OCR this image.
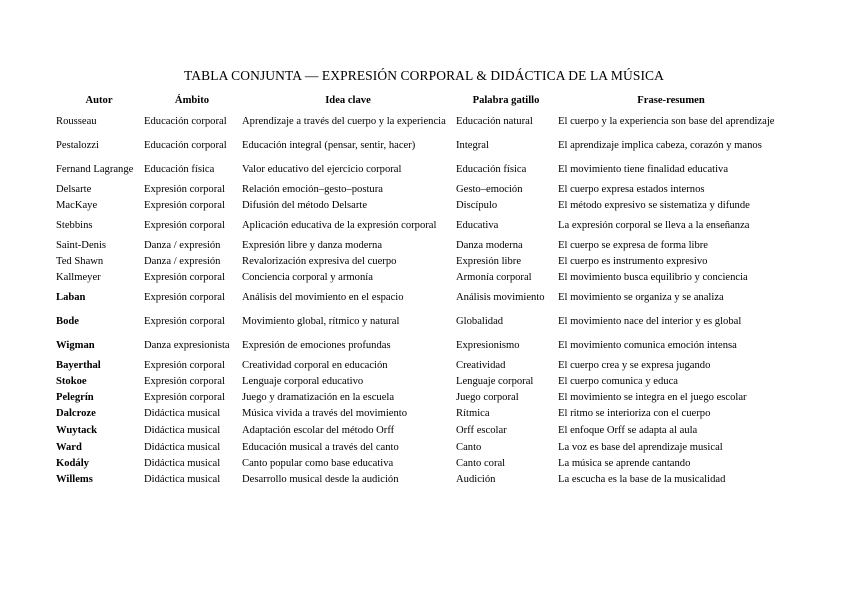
TABLA CONJUNTA — EXPRESIÓN CORPORAL & DIDÁCTICA DE LA MÚSICA
Autor	Ámbito	Idea clave	Palabra gatillo	Frase-resumen
Rousseau	Educación corporal	Aprendizaje a través del cuerpo y la experiencia	Educación natural	El cuerpo y la experiencia son base del aprendizaje
Pestalozzi	Educación corporal	Educación integral (pensar, sentir, hacer)	Integral	El aprendizaje implica cabeza, corazón y manos
Fernand Lagrange	Educación física	Valor educativo del ejercicio corporal	Educación física	El movimiento tiene finalidad educativa
Delsarte	Expresión corporal	Relación emoción–gesto–postura	Gesto–emoción	El cuerpo expresa estados internos
MacKaye	Expresión corporal	Difusión del método Delsarte	Discípulo	El método expresivo se sistematiza y difunde
Stebbins	Expresión corporal	Aplicación educativa de la expresión corporal	Educativa	La expresión corporal se lleva a la enseñanza
Saint-Denis	Danza / expresión	Expresión libre y danza moderna	Danza moderna	El cuerpo se expresa de forma libre
Ted Shawn	Danza / expresión	Revalorización expresiva del cuerpo	Expresión libre	El cuerpo es instrumento expresivo
Kallmeyer	Expresión corporal	Conciencia corporal y armonía	Armonía corporal	El movimiento busca equilibrio y conciencia
Laban	Expresión corporal	Análisis del movimiento en el espacio	Análisis movimiento	El movimiento se organiza y se analiza
Bode	Expresión corporal	Movimiento global, rítmico y natural	Globalidad	El movimiento nace del interior y es global
Wigman	Danza expresionista	Expresión de emociones profundas	Expresionismo	El movimiento comunica emoción intensa
Bayerthal	Expresión corporal	Creatividad corporal en educación	Creatividad	El cuerpo crea y se expresa jugando
Stokoe	Expresión corporal	Lenguaje corporal educativo	Lenguaje corporal	El cuerpo comunica y educa
Pelegrín	Expresión corporal	Juego y dramatización en la escuela	Juego corporal	El movimiento se integra en el juego escolar
Dalcroze	Didáctica musical	Música vivida a través del movimiento	Rítmica	El ritmo se interioriza con el cuerpo
Wuytack	Didáctica musical	Adaptación escolar del método Orff	Orff escolar	El enfoque Orff se adapta al aula
Ward	Didáctica musical	Educación musical a través del canto	Canto	La voz es base del aprendizaje musical
Kodály	Didáctica musical	Canto popular como base educativa	Canto coral	La música se aprende cantando
Willems	Didáctica musical	Desarrollo musical desde la audición	Audición	La escucha es la base de la musicalidad
